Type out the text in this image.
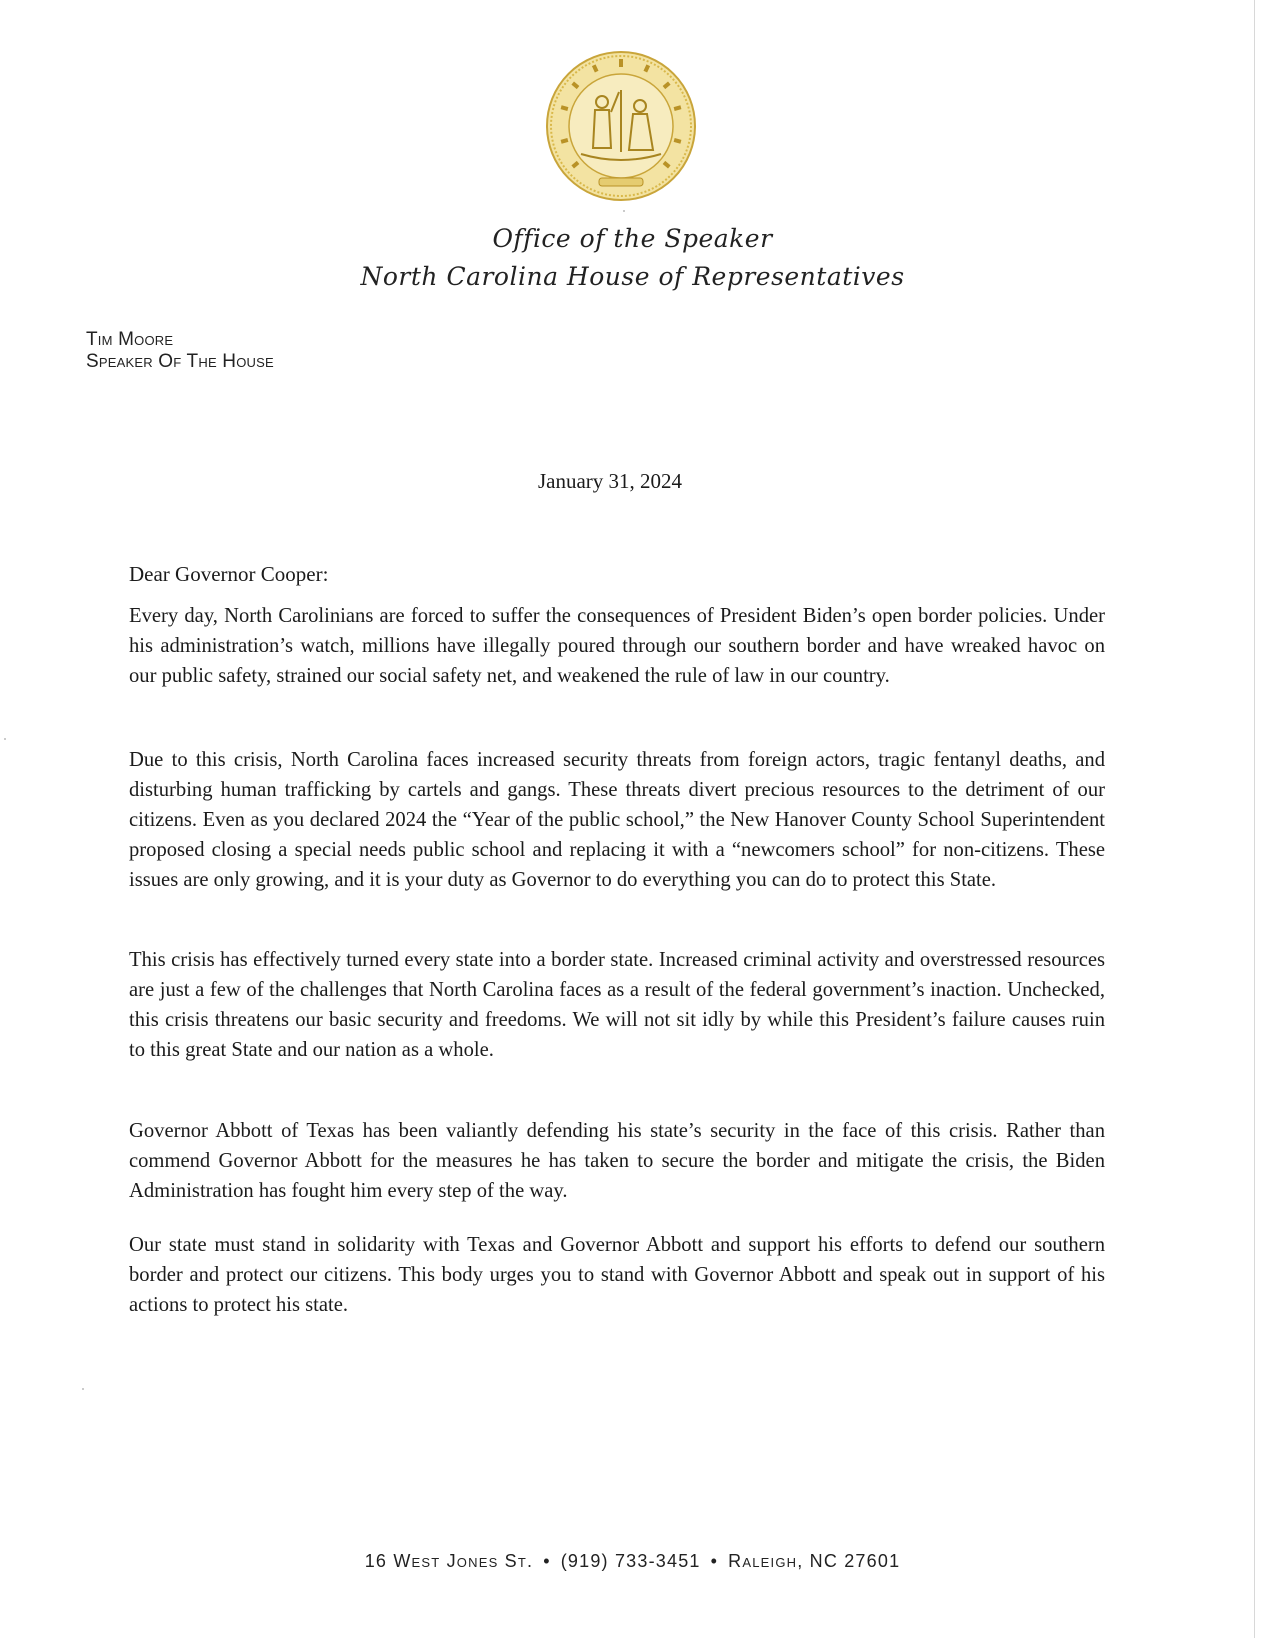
Office of the Speaker
North Carolina House of Representatives
Tim Moore
Speaker Of The House
January 31, 2024
Dear Governor Cooper:

Every day, North Carolinians are forced to suffer the consequences of President Biden’s open border policies. Under his administration’s watch, millions have illegally poured through our southern border and have wreaked havoc on our public safety, strained our social safety net, and weakened the rule of law in our country.

Due to this crisis, North Carolina faces increased security threats from foreign actors, tragic fentanyl deaths, and disturbing human trafficking by cartels and gangs. These threats divert precious resources to the detriment of our citizens. Even as you declared 2024 the “Year of the public school,” the New Hanover County School Superintendent proposed closing a special needs public school and replacing it with a “newcomers school” for non-citizens. These issues are only growing, and it is your duty as Governor to do everything you can do to protect this State.

This crisis has effectively turned every state into a border state. Increased criminal activity and overstressed resources are just a few of the challenges that North Carolina faces as a result of the federal government’s inaction. Unchecked, this crisis threatens our basic security and freedoms. We will not sit idly by while this President’s failure causes ruin to this great State and our nation as a whole.

Governor Abbott of Texas has been valiantly defending his state’s security in the face of this crisis. Rather than commend Governor Abbott for the measures he has taken to secure the border and mitigate the crisis, the Biden Administration has fought him every step of the way.

Our state must stand in solidarity with Texas and Governor Abbott and support his efforts to defend our southern border and protect our citizens. This body urges you to stand with Governor Abbott and speak out in support of his actions to protect his state.

16 West Jones St. • (919) 733-3451 • Raleigh, NC 27601
